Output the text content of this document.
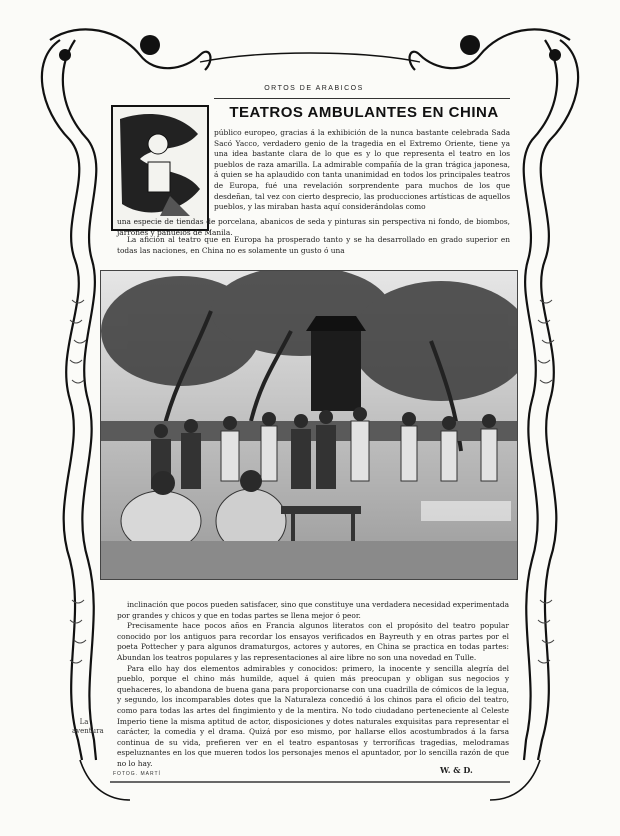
ORTOS DE ARABICOS
TEATROS AMBULANTES EN CHINA
público europeo, gracias á la exhibición de la nunca bastante celebrada Sada Sacó Yacco, verdadero genio de la tragedia en el Extremo Oriente, tiene ya una idea bastante clara de lo que es y lo que representa el teatro en los pueblos de raza amarilla. La admirable compañía de la gran trágica japonesa, á quien se ha aplaudido con tanta unanimidad en todos los principales teatros de Europa, fué una revelación sorprendente para muchos de los que desdeñan, tal vez con cierto desprecio, las producciones artísticas de aquellos pueblos, y las miraban hasta aquí considerándolas como
una especie de tiendas de porcelana, abanicos de seda y pinturas sin perspectiva ni fondo, de biombos, jarrones y pañuelos de Manila.
La afición al teatro que en Europa ha prosperado tanto y se ha desarrollado en grado superior en todas las naciones, en China no es solamente un gusto ó una

inclinación que pocos pueden satisfacer, sino que constituye una verdadera necesidad experimentada por grandes y chicos y que en todas partes se llena mejor ó peor.

Precisamente hace pocos años en Francia algunos literatos con el propósito del teatro popular conocido por los antiguos para recordar los ensayos verificados en Bayreuth y en otras partes por el poeta Pottecher y para algunos dramaturgos, actores y autores, en China se practica en todas partes: Abundan los teatros populares y las representaciones al aire libre no son una novedad en Tulle.

Para ello hay dos elementos admirables y conocidos: primero, la inocente y sencilla alegría del pueblo, porque el chino más humilde, aquel á quien más preocupan y obligan sus negocios y quehaceres, lo abandona de buena gana para proporcionarse con una cuadrilla de cómicos de la legua, y segundo, los incomparables dotes que la Naturaleza concedió á los chinos para el oficio del teatro, como para todas las artes del fingimiento y de la mentira. No todo ciudadano perteneciente al Celeste Imperio tiene la misma aptitud de actor, disposiciones y dotes naturales exquisitas para representar el carácter, la comedia y el drama. Quizá por eso mismo, por hallarse ellos acostumbrados á la farsa continua de su vida, prefieren ver en el teatro espantosas y terroríficas tragedias, melodramas espeluznantes en los que mueren todos los personajes menos el apuntador, por lo sencilla razón de que no lo hay.

La aventura
FOTOG. MARTÍ	W. & D.
